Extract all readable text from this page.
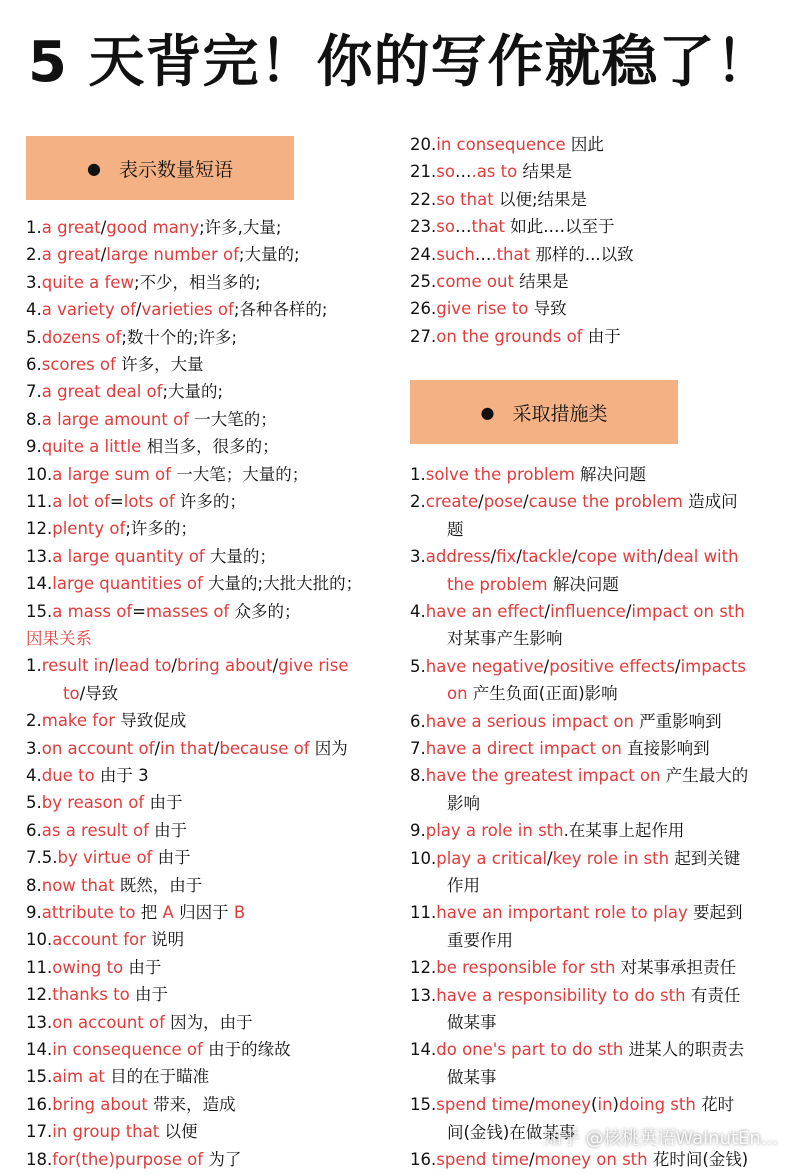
5 天背完！你的写作就稳了！
● 表示数量短语
● 采取措施类
1.a great/good many;许多,大量;
2.a great/large number of;大量的;
3.quite a few;不少，相当多的;
4.a variety of/varieties of;各种各样的;
5.dozens of;数十个的;许多;
6.scores of 许多，大量
7.a great deal of;大量的;
8.a large amount of 一大笔的；
9.quite a little 相当多，很多的；
10.a large sum of 一大笔；大量的；
11.a lot of=lots of 许多的；
12.plenty of;许多的；
13.a large quantity of 大量的；
14.large quantities of 大量的;大批大批的；
15.a mass of=masses of 众多的；
因果关系
1.result in/lead to/bring about/give rise
to/导致
2.make for 导致促成
3.on account of/in that/because of 因为
4.due to 由于 3
5.by reason of 由于
6.as a result of 由于
7.5.by virtue of 由于
8.now that 既然，由于
9.attribute to 把 A 归因于 B
10.account for 说明
11.owing to 由于
12.thanks to 由于
13.on account of 因为，由于
14.in consequence of 由于的缘故
15.aim at 目的在于瞄准
16.bring about 带来，造成
17.in group that 以便
18.for(the)purpose of 为了
20.in consequence 因此
21.so….as to 结果是
22.so that 以便;结果是
23.so…that 如此.…以至于
24.such….that 那样的...以致
25.come out 结果是
26.give rise to 导致
27.on the grounds of 由于
1.solve the problem 解决问题
2.create/pose/cause the problem 造成问
题
3.address/fix/tackle/cope with/deal with
the problem 解决问题
4.have an effect/influence/impact on sth
对某事产生影响
5.have negative/positive effects/impacts
on 产生负面(正面)影响
6.have a serious impact on 严重影响到
7.have a direct impact on 直接影响到
8.have the greatest impact on 产生最大的
影响
9.play a role in sth.在某事上起作用
10.play a critical/key role in sth 起到关键
作用
11.have an important role to play 要起到
重要作用
12.be responsible for sth 对某事承担责任
13.have a responsibility to do sth 有责任
做某事
14.do one's part to do sth 进某人的职责去
做某事
15.spend time/money(in)doing sth 花时
间(金钱)在做某事
16.spend time/money on sth 花时间(金钱)
知乎 @核桃英语WalnutEn...
